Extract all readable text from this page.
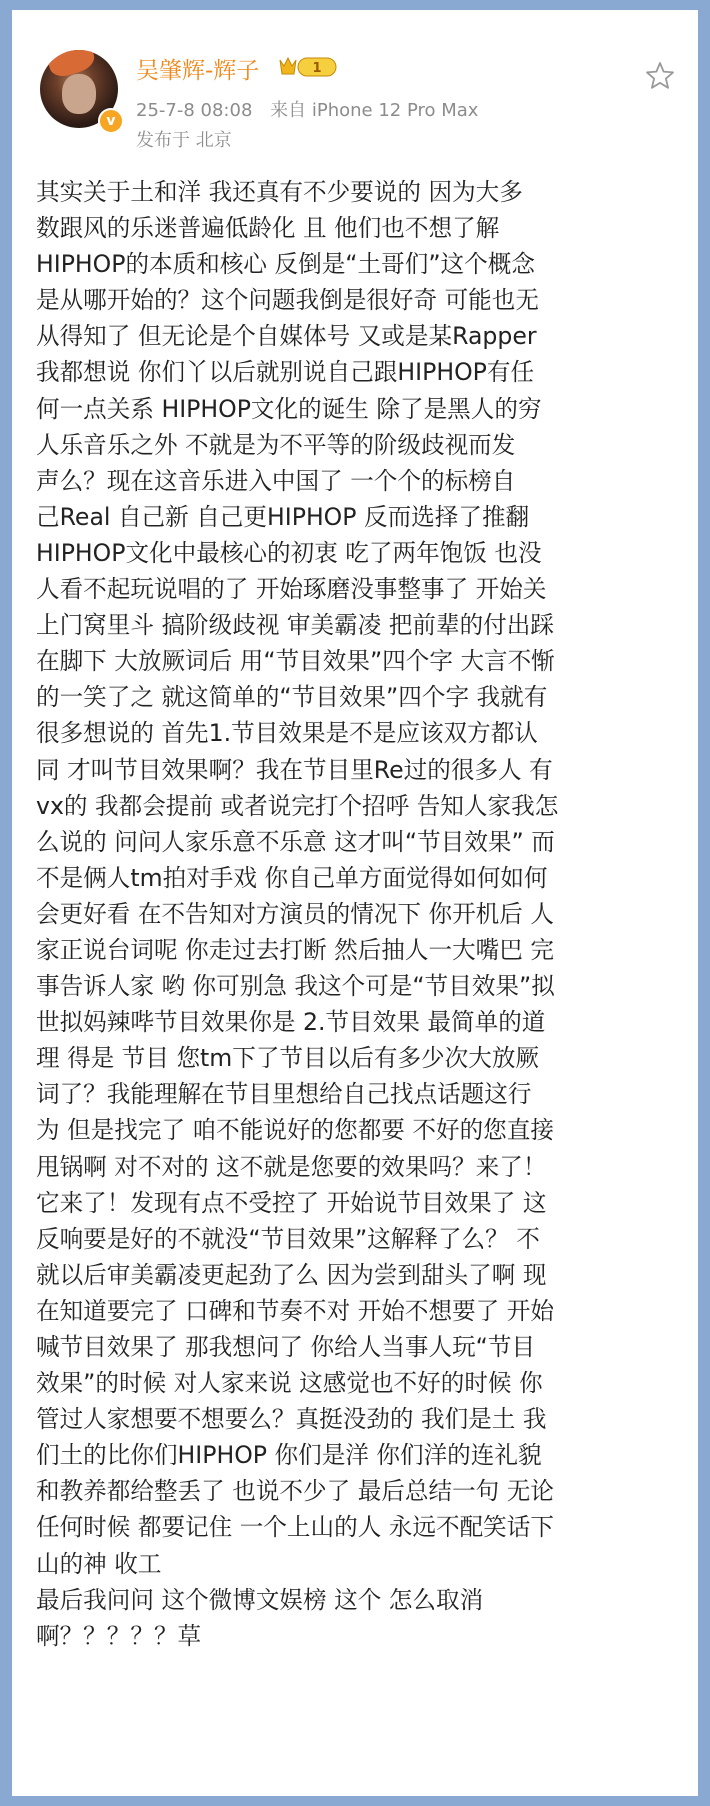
v
吴肇辉-辉子	1
25-7-8 08:08 来自 iPhone 12 Pro Max
发布于 北京
其实关于土和洋 我还真有不少要说的 因为大多
数跟风的乐迷普遍低龄化 且 他们也不想了解
HIPHOP的本质和核心 反倒是“土哥们”这个概念
是从哪开始的？这个问题我倒是很好奇 可能也无
从得知了 但无论是个自媒体号 又或是某Rapper
我都想说 你们丫以后就别说自己跟HIPHOP有任
何一点关系 HIPHOP文化的诞生 除了是黑人的穷
人乐音乐之外 不就是为不平等的阶级歧视而发
声么？现在这音乐进入中国了 一个个的标榜自
己Real 自己新 自己更HIPHOP 反而选择了推翻
HIPHOP文化中最核心的初衷 吃了两年饱饭 也没
人看不起玩说唱的了 开始琢磨没事整事了 开始关
上门窝里斗 搞阶级歧视 审美霸凌 把前辈的付出踩
在脚下 大放厥词后 用“节目效果”四个字 大言不惭
的一笑了之 就这简单的“节目效果”四个字 我就有
很多想说的 首先1.节目效果是不是应该双方都认
同 才叫节目效果啊？我在节目里Re过的很多人 有
vx的 我都会提前 或者说完打个招呼 告知人家我怎
么说的 问问人家乐意不乐意 这才叫“节目效果” 而
不是俩人tm拍对手戏 你自己单方面觉得如何如何
会更好看 在不告知对方演员的情况下 你开机后 人
家正说台词呢 你走过去打断 然后抽人一大嘴巴 完
事告诉人家 哟 你可别急 我这个可是“节目效果”拟
世拟妈辣哔节目效果你是 2.节目效果 最简单的道
理 得是 节目 您tm下了节目以后有多少次大放厥
词了？我能理解在节目里想给自己找点话题这行
为 但是找完了 咱不能说好的您都要 不好的您直接
甩锅啊 对不对的 这不就是您要的效果吗？来了！
它来了！发现有点不受控了 开始说节目效果了 这
反响要是好的不就没“节目效果”这解释了么？ 不
就以后审美霸凌更起劲了么 因为尝到甜头了啊 现
在知道要完了 口碑和节奏不对 开始不想要了 开始
喊节目效果了 那我想问了 你给人当事人玩“节目
效果”的时候 对人家来说 这感觉也不好的时候 你
管过人家想要不想要么？真挺没劲的 我们是土 我
们土的比你们HIPHOP 你们是洋 你们洋的连礼貌
和教养都给整丢了 也说不少了 最后总结一句 无论
任何时候 都要记住 一个上山的人 永远不配笑话下
山的神 收工
最后我问问 这个微博文娱榜 这个 怎么取消
啊？？？？？草
